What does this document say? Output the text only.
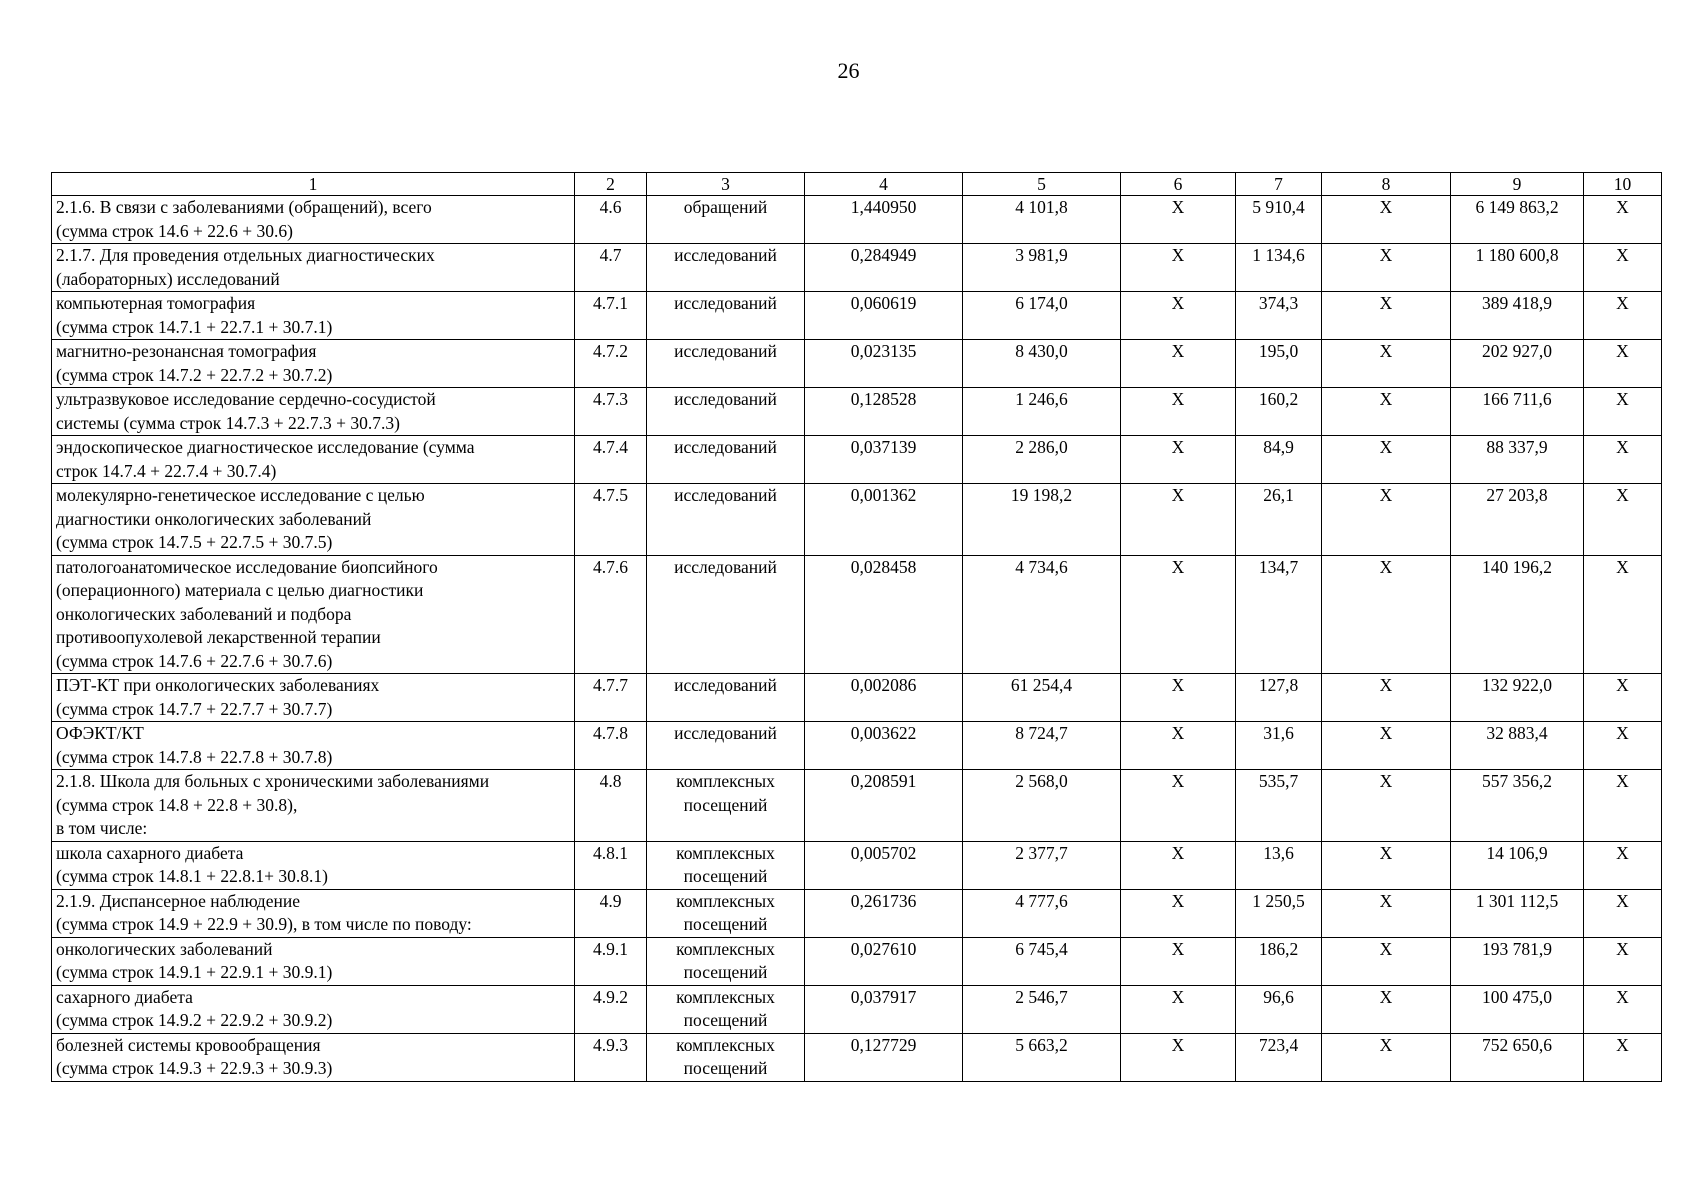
26
1	2	3	4	5	6	7	8	9	10

2.1.6. В связи с заболеваниями (обращений), всего
(сумма строк 14.6 + 22.6 + 30.6)	4.6	обращений	1,440950	4 101,8	X	5 910,4	X	6 149 863,2	X

2.1.7. Для проведения отдельных диагностических
(лабораторных) исследований	4.7	исследований	0,284949	3 981,9	X	1 134,6	X	1 180 600,8	X

компьютерная томография
(сумма строк 14.7.1 + 22.7.1 + 30.7.1)	4.7.1	исследований	0,060619	6 174,0	X	374,3	X	389 418,9	X

магнитно-резонансная томография
(сумма строк 14.7.2 + 22.7.2 + 30.7.2)	4.7.2	исследований	0,023135	8 430,0	X	195,0	X	202 927,0	X

ультразвуковое исследование сердечно-сосудистой
системы (сумма строк 14.7.3 + 22.7.3 + 30.7.3)	4.7.3	исследований	0,128528	1 246,6	X	160,2	X	166 711,6	X

эндоскопическое диагностическое исследование (сумма
строк 14.7.4 + 22.7.4 + 30.7.4)	4.7.4	исследований	0,037139	2 286,0	X	84,9	X	88 337,9	X

молекулярно-генетическое исследование с целью
диагностики онкологических заболеваний
(сумма строк 14.7.5 + 22.7.5 + 30.7.5)	4.7.5	исследований	0,001362	19 198,2	X	26,1	X	27 203,8	X

патологоанатомическое исследование биопсийного
(операционного) материала с целью диагностики
онкологических заболеваний и подбора
противоопухолевой лекарственной терапии
(сумма строк 14.7.6 + 22.7.6 + 30.7.6)	4.7.6	исследований	0,028458	4 734,6	X	134,7	X	140 196,2	X

ПЭТ-КТ при онкологических заболеваниях
(сумма строк 14.7.7 + 22.7.7 + 30.7.7)	4.7.7	исследований	0,002086	61 254,4	X	127,8	X	132 922,0	X

ОФЭКТ/КТ
(сумма строк 14.7.8 + 22.7.8 + 30.7.8)	4.7.8	исследований	0,003622	8 724,7	X	31,6	X	32 883,4	X

2.1.8. Школа для больных с хроническими заболеваниями
(сумма строк 14.8 + 22.8 + 30.8),
в том числе:	4.8	комплексных посещений	0,208591	2 568,0	X	535,7	X	557 356,2	X

школа сахарного диабета
(сумма строк 14.8.1 + 22.8.1+ 30.8.1)	4.8.1	комплексных посещений	0,005702	2 377,7	X	13,6	X	14 106,9	X

2.1.9. Диспансерное наблюдение
(сумма строк 14.9 + 22.9 + 30.9), в том числе по поводу:	4.9	комплексных посещений	0,261736	4 777,6	X	1 250,5	X	1 301 112,5	X

онкологических заболеваний
(сумма строк 14.9.1 + 22.9.1 + 30.9.1)	4.9.1	комплексных посещений	0,027610	6 745,4	X	186,2	X	193 781,9	X

сахарного диабета
(сумма строк 14.9.2 + 22.9.2 + 30.9.2)	4.9.2	комплексных посещений	0,037917	2 546,7	X	96,6	X	100 475,0	X

болезней системы кровообращения
(сумма строк 14.9.3 + 22.9.3 + 30.9.3)	4.9.3	комплексных посещений	0,127729	5 663,2	X	723,4	X	752 650,6	X
